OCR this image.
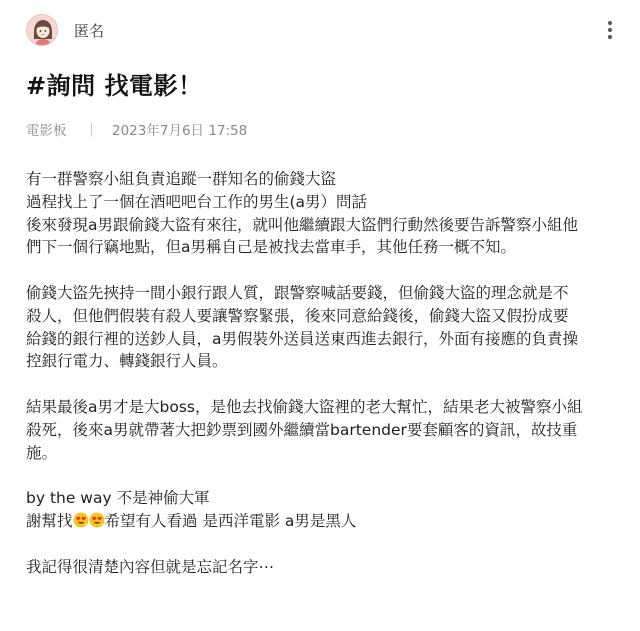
匿名
#詢問 找電影！
電影板 ｜ 2023年7月6日 17:58

有一群警察小組負責追蹤一群知名的偷錢大盜
過程找上了一個在酒吧吧台工作的男生(a男）問話
後來發現a男跟偷錢大盜有來往，就叫他繼續跟大盜們行動然後要告訴警察小組他
們下一個行竊地點，但a男稱自己是被找去當車手，其他任務一概不知。

偷錢大盜先挾持一間小銀行跟人質，跟警察喊話要錢，但偷錢大盜的理念就是不
殺人，但他們假裝有殺人要讓警察緊張，後來同意給錢後，偷錢大盜又假扮成要
給錢的銀行裡的送鈔人員，a男假裝外送員送東西進去銀行，外面有接應的負責操
控銀行電力、轉錢銀行人員。

結果最後a男才是大boss，是他去找偷錢大盜裡的老大幫忙，結果老大被警察小組
殺死，後來a男就帶著大把鈔票到國外繼續當bartender要套顧客的資訊，故技重
施。

by the way 不是神偷大軍
謝幫找 希望有人看過 是西洋電影 a男是黑人

我記得很清楚內容但就是忘記名字⋯
